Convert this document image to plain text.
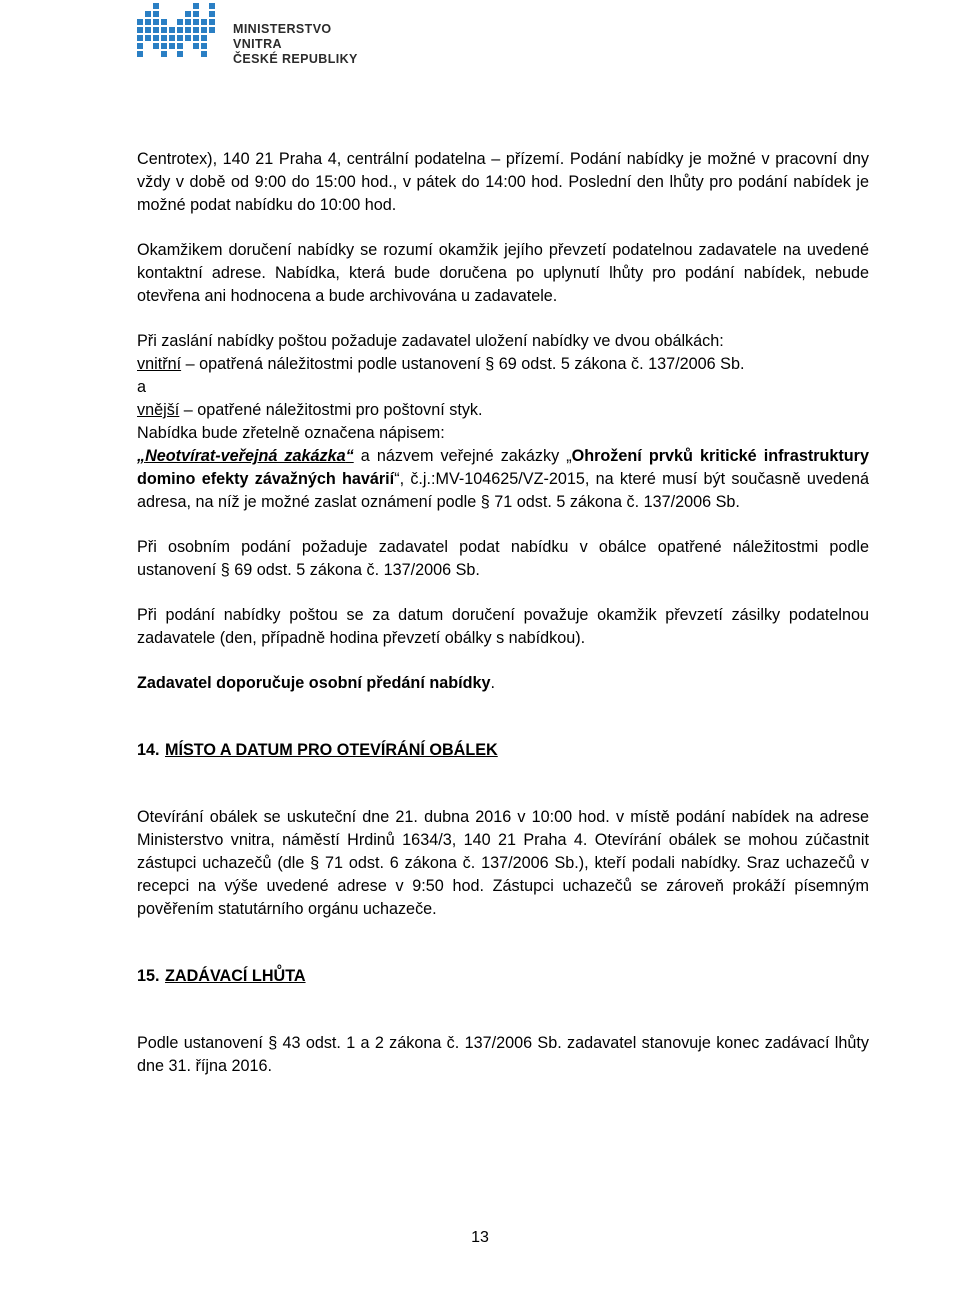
MINISTERSTVO VNITRA
ČESKÉ REPUBLIKY

Centrotex), 140 21 Praha 4, centrální podatelna – přízemí. Podání nabídky je možné v pracovní dny vždy v době od 9:00 do 15:00 hod., v pátek do 14:00 hod. Poslední den lhůty pro podání nabídek je možné podat nabídku do 10:00 hod.

Okamžikem doručení nabídky se rozumí okamžik jejího převzetí podatelnou zadavatele na uvedené kontaktní adrese. Nabídka, která bude doručena po uplynutí lhůty pro podání nabídek, nebude otevřena ani hodnocena a bude archivována u zadavatele.

Při zaslání nabídky poštou požaduje zadavatel uložení nabídky ve dvou obálkách:
vnitřní – opatřená náležitostmi podle ustanovení § 69 odst. 5 zákona č. 137/2006 Sb.
a
vnější – opatřené náležitostmi pro poštovní styk.
Nabídka bude zřetelně označena nápisem:
„Neotvírat-veřejná zakázka“ a názvem veřejné zakázky „Ohrožení prvků kritické infrastruktury domino efekty závažných havárií“, č.j.:MV-104625/VZ-2015, na které musí být současně uvedená adresa, na níž je možné zaslat oznámení podle § 71 odst. 5 zákona č. 137/2006 Sb.

Při osobním podání požaduje zadavatel podat nabídku v obálce opatřené náležitostmi podle ustanovení § 69 odst. 5 zákona č. 137/2006 Sb.

Při podání nabídky poštou se za datum doručení považuje okamžik převzetí zásilky podatelnou zadavatele (den, případně hodina převzetí obálky s nabídkou).

Zadavatel doporučuje osobní předání nabídky.

14. MÍSTO A DATUM PRO OTEVÍRÁNÍ OBÁLEK

Otevírání obálek se uskuteční dne 21. dubna 2016 v 10:00 hod. v místě podání nabídek na adrese Ministerstvo vnitra, náměstí Hrdinů 1634/3, 140 21 Praha 4. Otevírání obálek se mohou zúčastnit zástupci uchazečů (dle § 71 odst. 6 zákona č. 137/2006 Sb.), kteří podali nabídky. Sraz uchazečů v recepci na výše uvedené adrese v 9:50 hod. Zástupci uchazečů se zároveň prokáží písemným pověřením statutárního orgánu uchazeče.

15. ZADÁVACÍ LHŮTA

Podle ustanovení § 43 odst. 1 a 2 zákona č. 137/2006 Sb. zadavatel stanovuje konec zadávací lhůty dne 31. října 2016.

13
